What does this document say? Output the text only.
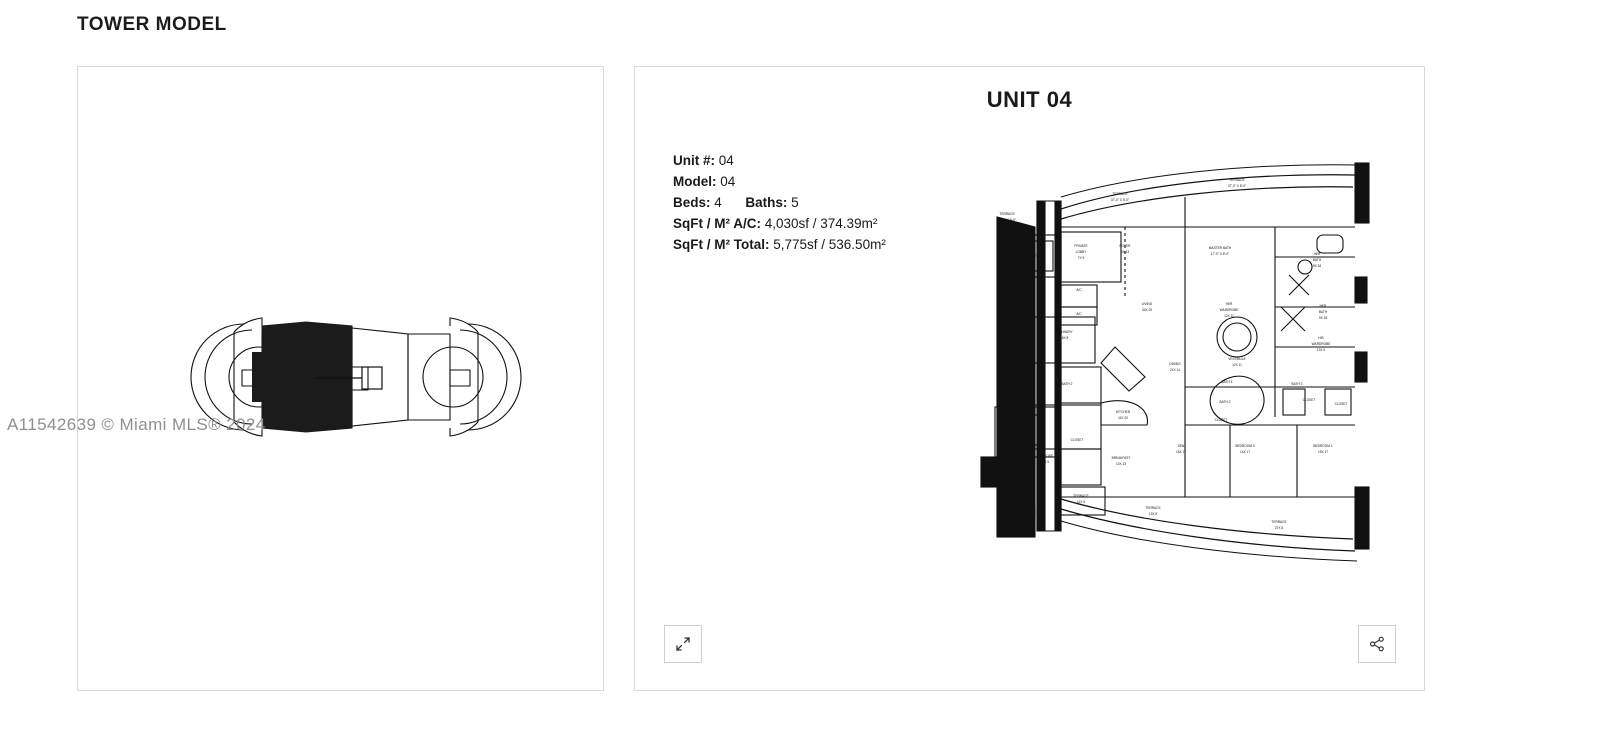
TOWER MODEL
04
A11542639 © Miami MLS® 2024
UNIT 04
Unit #: 04
Model: 04
Beds: 4 Baths: 5
SqFt / M² A/C: 4,030sf / 374.39m²
SqFt / M² Total: 5,775sf / 536.50m²
TERRACE
37'-0" X 8'-0"
TERRACE
37'-0" X 8'-0"
TERRACE
11'-0" X 6'-0"
ELEVATOR
PRIVATE
LOBBY
7X 9
FOYER
6X 13
MASTER BATH
17'-0" X 8'-0"	HER
BATH
9X 18
LIVING
33X 25
A/C
A/C
HER
WARDROBE
12X 11
HER
BATH
9X 18
LAUNDRY
6X 8	HIS
WARDROBE
13X 5
DINING
21X 14
VESTIBULE
12X 11
BATH 2	BATH 4	BATH 3
BATH 3	CLOSET
CLOSET
KITCHEN
11X 20	CLOSET
CLOSET
DEN
15X 17
BEDROOM 3
14X 17
BEDROOM 1
15X 17
EXERCISE
11X 9
BREAKFAST
10X 13
TERRACE
11X 5
TERRACE
13X 8
TERRACE
27X 8
